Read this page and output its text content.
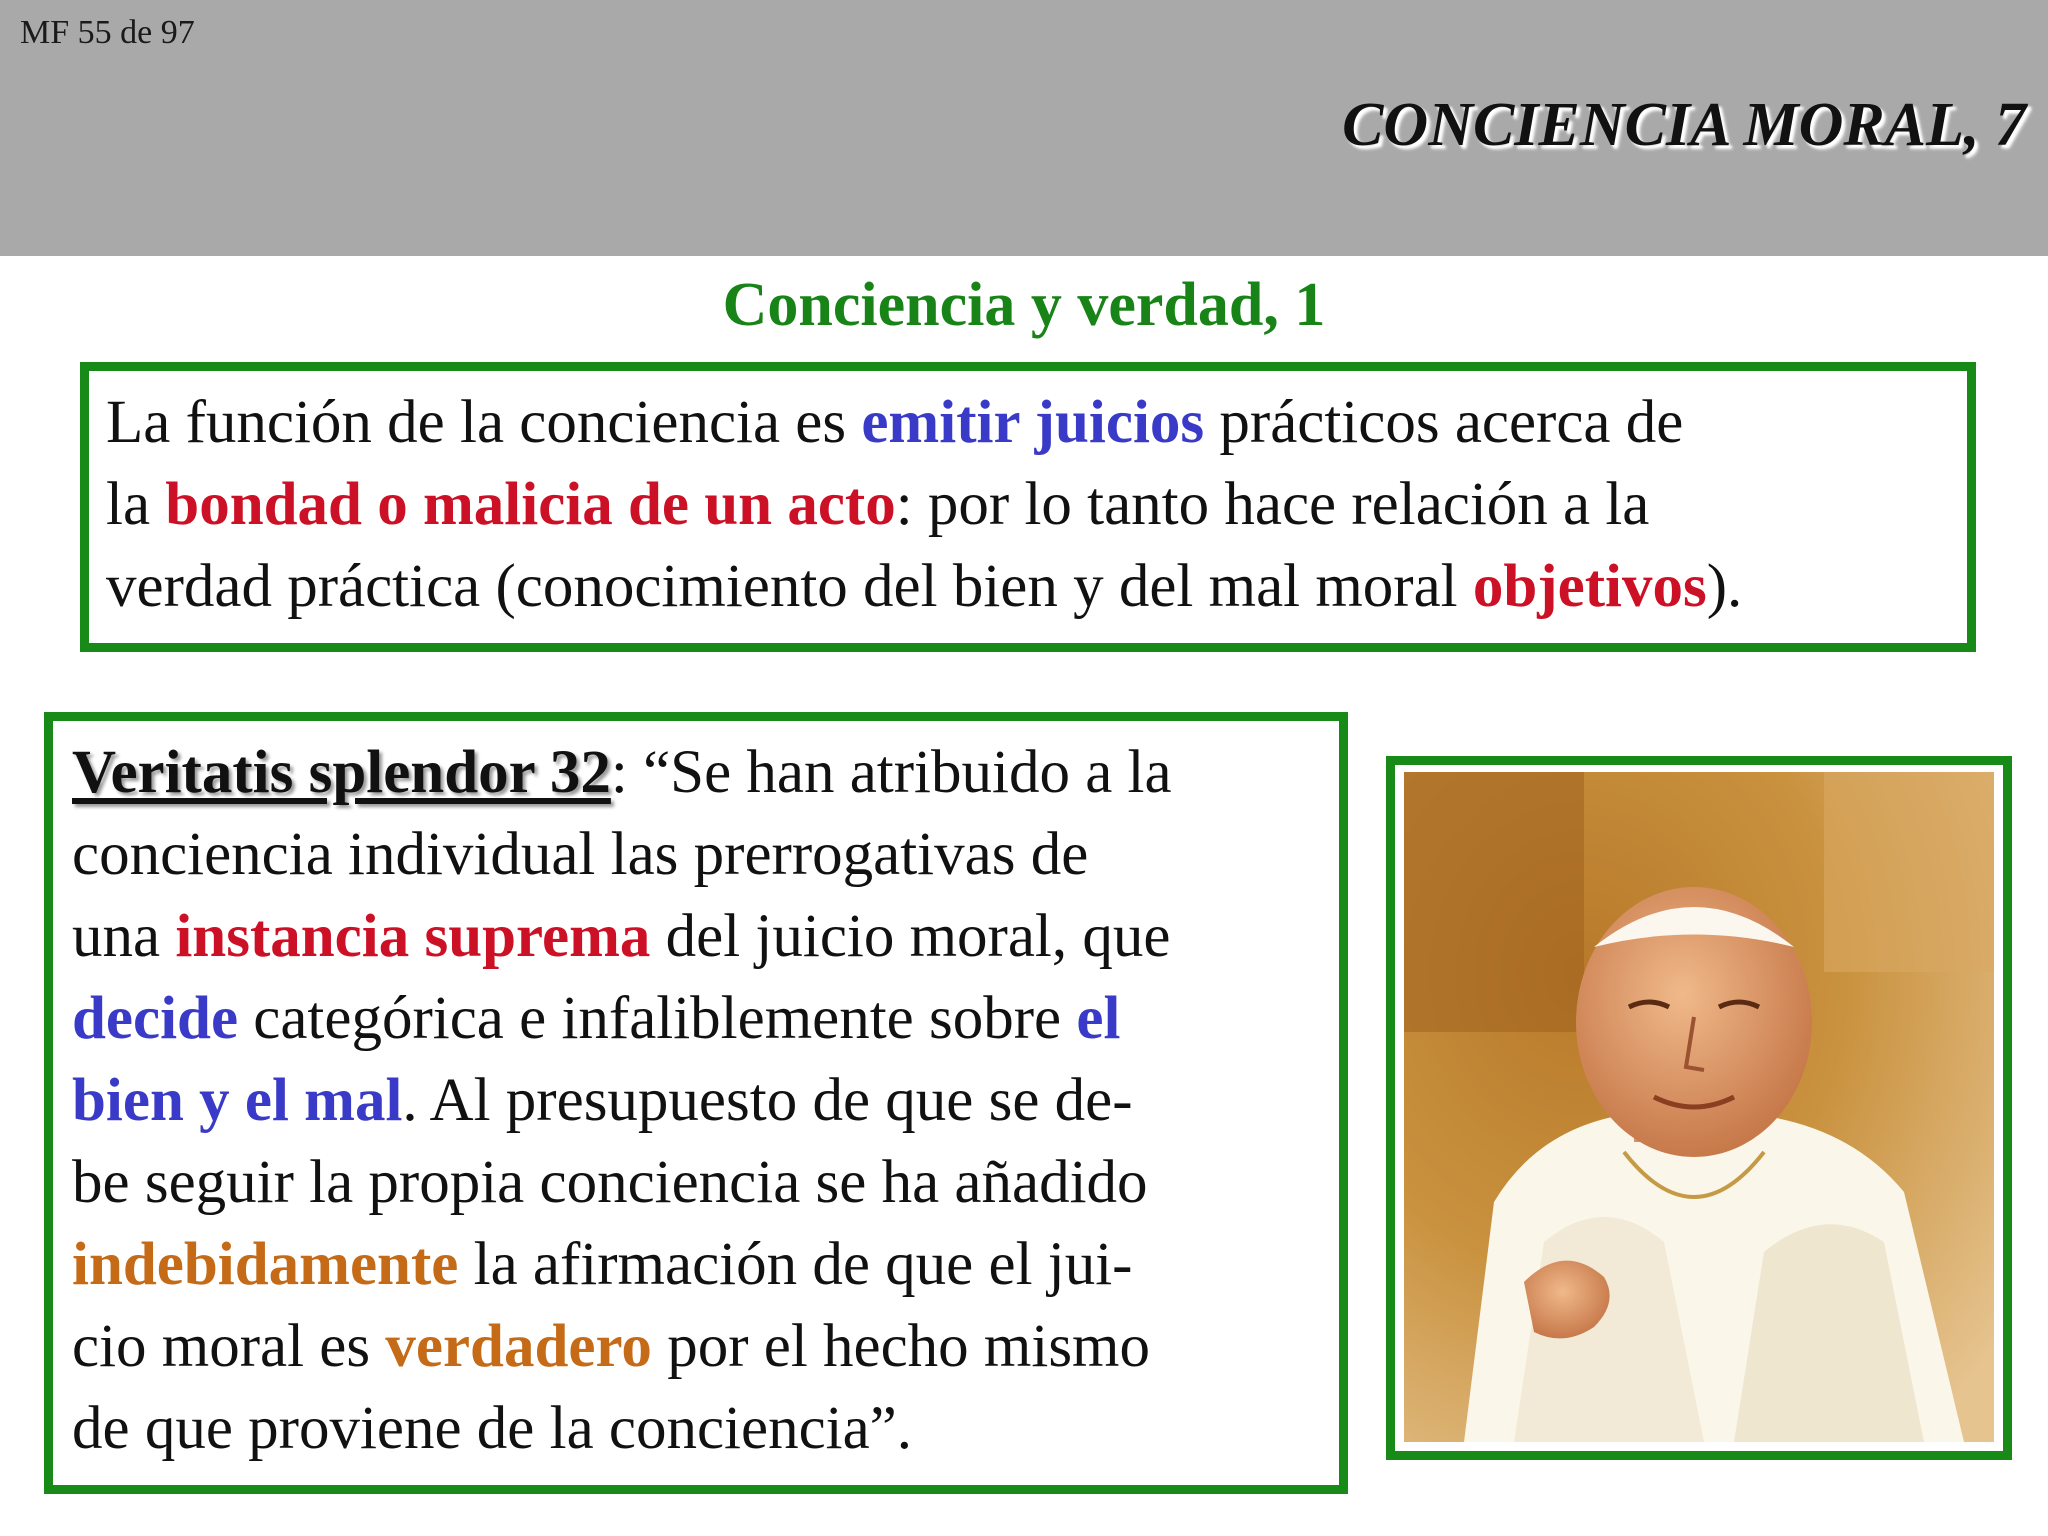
MF 55 de 97
CONCIENCIA MORAL, 7
Conciencia y verdad, 1

La función de la conciencia es emitir juicios prácticos acerca de
la bondad o malicia de un acto: por lo tanto hace relación a la
verdad práctica (conocimiento del bien y del mal moral objetivos).

Veritatis splendor 32: “Se han atribuido a la
conciencia individual las prerrogativas de
una instancia suprema del juicio moral, que
decide categórica e infaliblemente sobre el
bien y el mal. Al presupuesto de que se de-
be seguir la propia conciencia se ha añadido
indebidamente la afirmación de que el jui-
cio moral es verdadero por el hecho mismo
de que proviene de la conciencia”.
